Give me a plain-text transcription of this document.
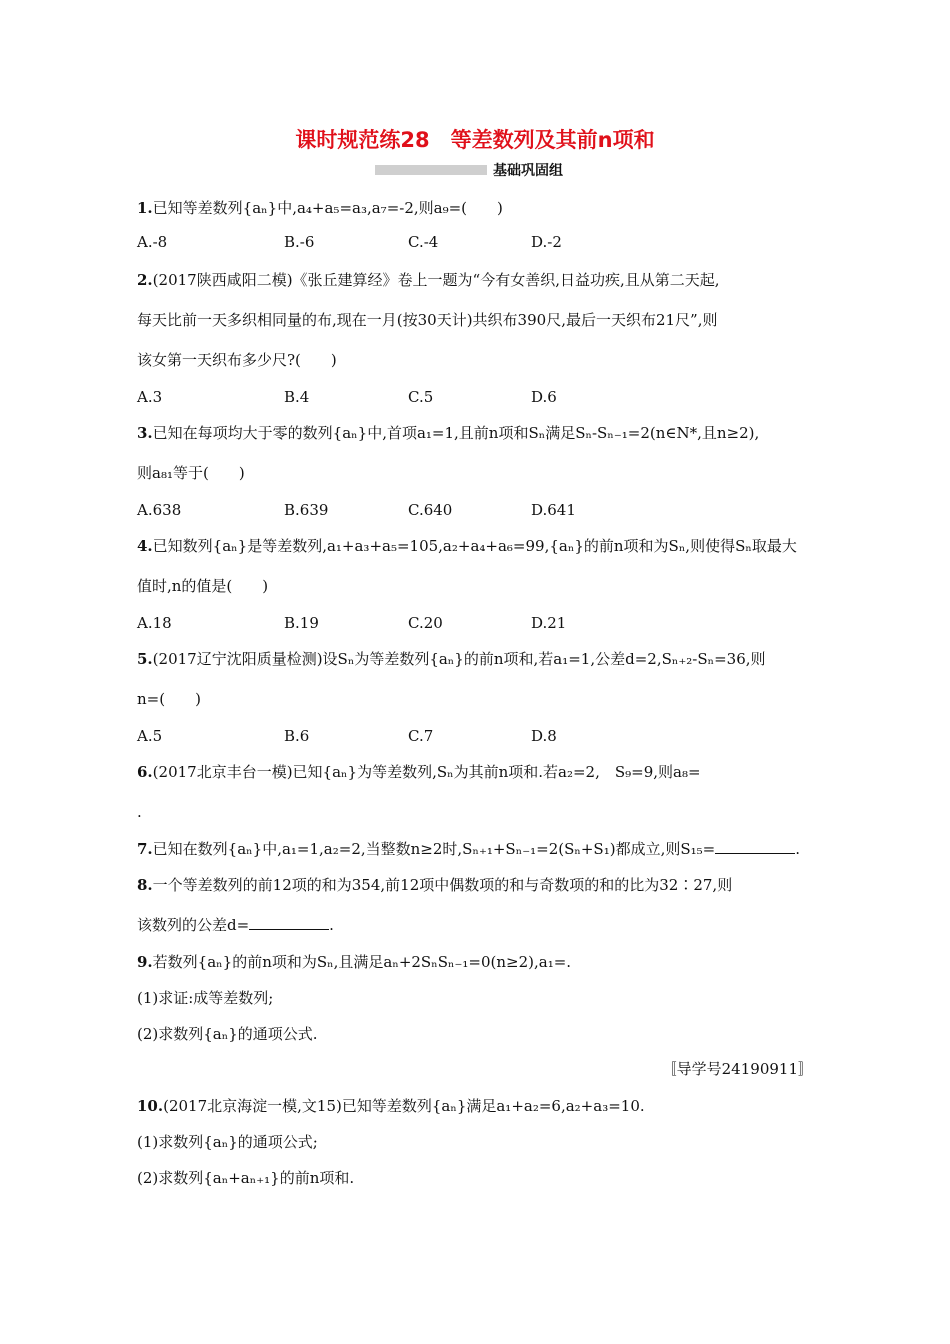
课时规范练28　等差数列及其前n项和
基础巩固组
1.已知等差数列{aₙ}中,a₄+a₅=a₃,a₇=-2,则a₉=(　　)
A.-8	B.-6	C.-4	D.-2
2.(2017陕西咸阳二模)《张丘建算经》卷上一题为“今有女善织,日益功疾,且从第二天起,
每天比前一天多织相同量的布,现在一月(按30天计)共织布390尺,最后一天织布21尺”,则
该女第一天织布多少尺?(　　)
A.3	B.4	C.5	D.6
3.已知在每项均大于零的数列{aₙ}中,首项a₁=1,且前n项和Sₙ满足Sₙ-Sₙ₋₁=2(n∈N*,且n≥2),
则a₈₁等于(　　)
A.638	B.639	C.640	D.641
4.已知数列{aₙ}是等差数列,a₁+a₃+a₅=105,a₂+a₄+a₆=99,{aₙ}的前n项和为Sₙ,则使得Sₙ取最大
值时,n的值是(　　)
A.18	B.19	C.20	D.21
5.(2017辽宁沈阳质量检测)设Sₙ为等差数列{aₙ}的前n项和,若a₁=1,公差d=2,Sₙ₊₂-Sₙ=36,则
n=(　　)
A.5	B.6	C.7	D.8
6.(2017北京丰台一模)已知{aₙ}为等差数列,Sₙ为其前n项和.若a₂=2,　S₉=9,则a₈=
.
7.已知在数列{aₙ}中,a₁=1,a₂=2,当整数n≥2时,Sₙ₊₁+Sₙ₋₁=2(Sₙ+S₁)都成立,则S₁₅=	.
8.一个等差数列的前12项的和为354,前12项中偶数项的和与奇数项的和的比为32∶27,则
该数列的公差d=	.
9.若数列{aₙ}的前n项和为Sₙ,且满足aₙ+2SₙSₙ₋₁=0(n≥2),a₁=.
(1)求证:成等差数列;
(2)求数列{aₙ}的通项公式.
〚导学号24190911〛
10.(2017北京海淀一模,文15)已知等差数列{aₙ}满足a₁+a₂=6,a₂+a₃=10.
(1)求数列{aₙ}的通项公式;
(2)求数列{aₙ+aₙ₊₁}的前n项和.
